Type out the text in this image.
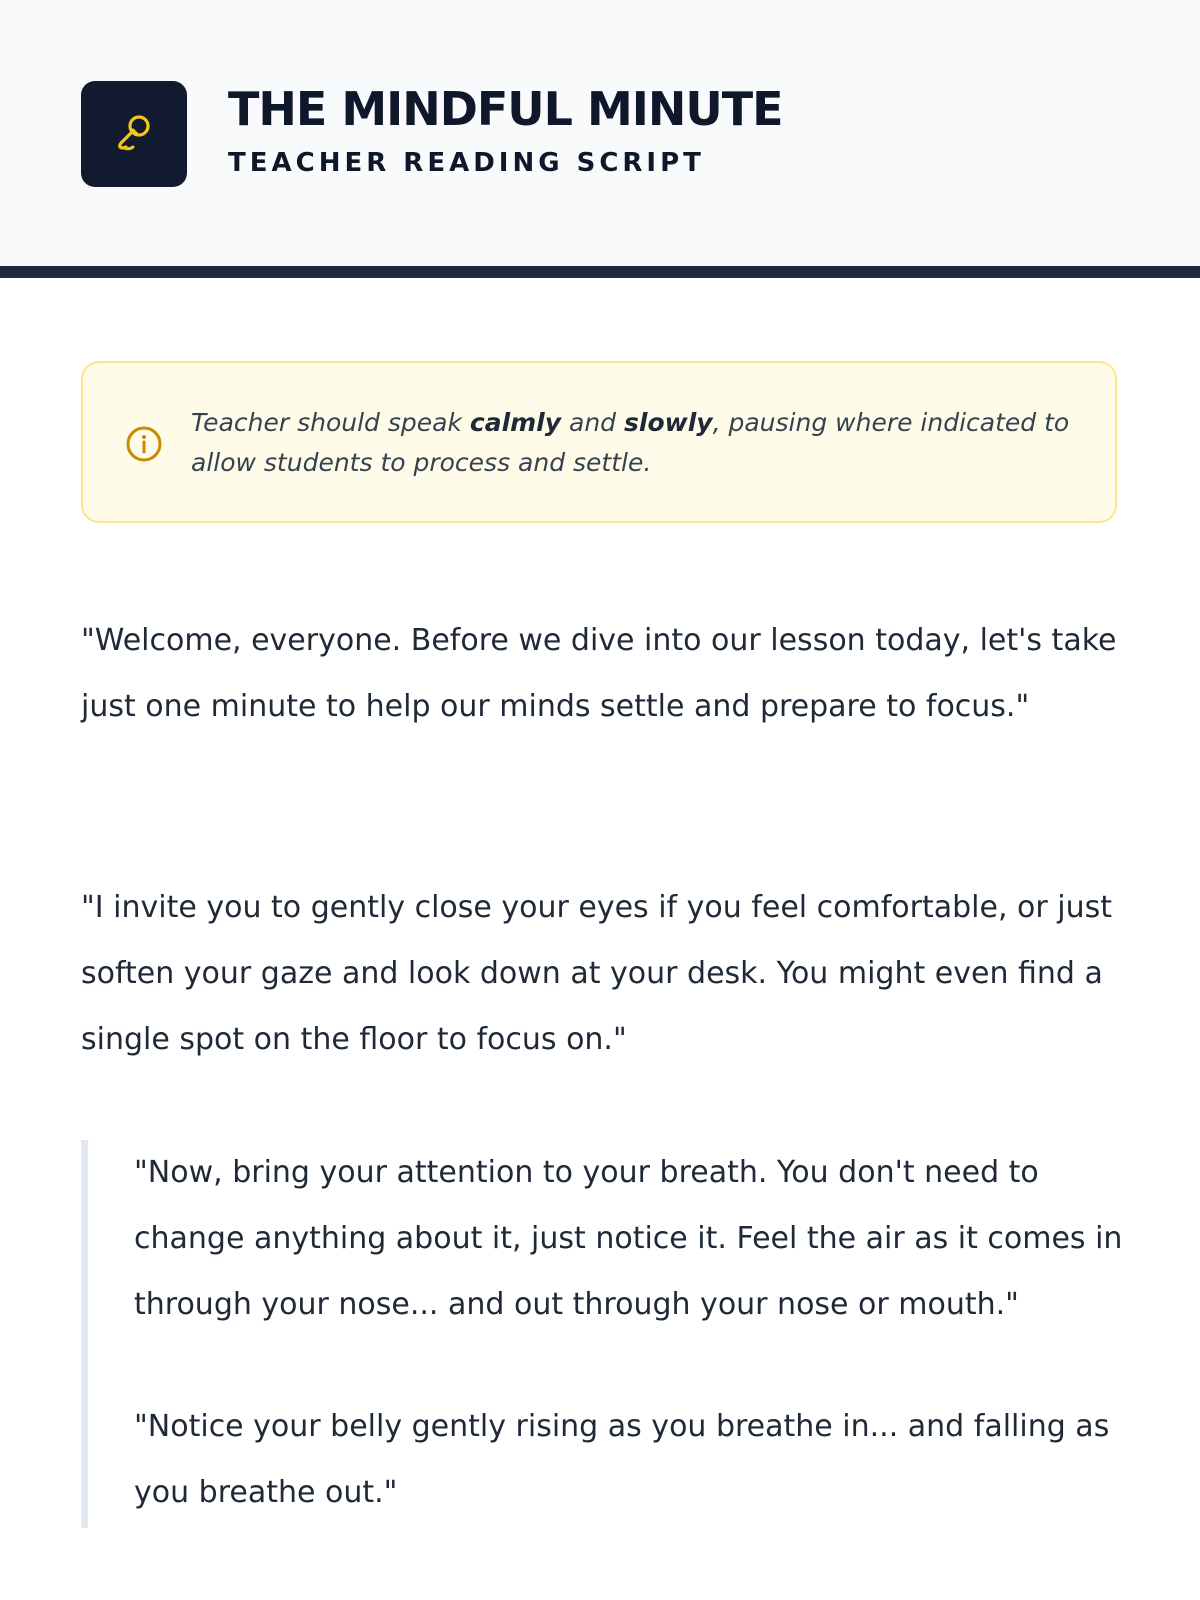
THE MINDFUL MINUTE
TEACHER READING SCRIPT
Teacher should speak calmly and slowly, pausing where indicated to allow students to process and settle.

"Welcome, everyone. Before we dive into our lesson today, let's take just one minute to help our minds settle and prepare to focus."

"I invite you to gently close your eyes if you feel comfortable, or just soften your gaze and look down at your desk. You might even find a single spot on the floor to focus on."

"Now, bring your attention to your breath. You don't need to change anything about it, just notice it. Feel the air as it comes in through your nose... and out through your nose or mouth."

"Notice your belly gently rising as you breathe in... and falling as you breathe out."
